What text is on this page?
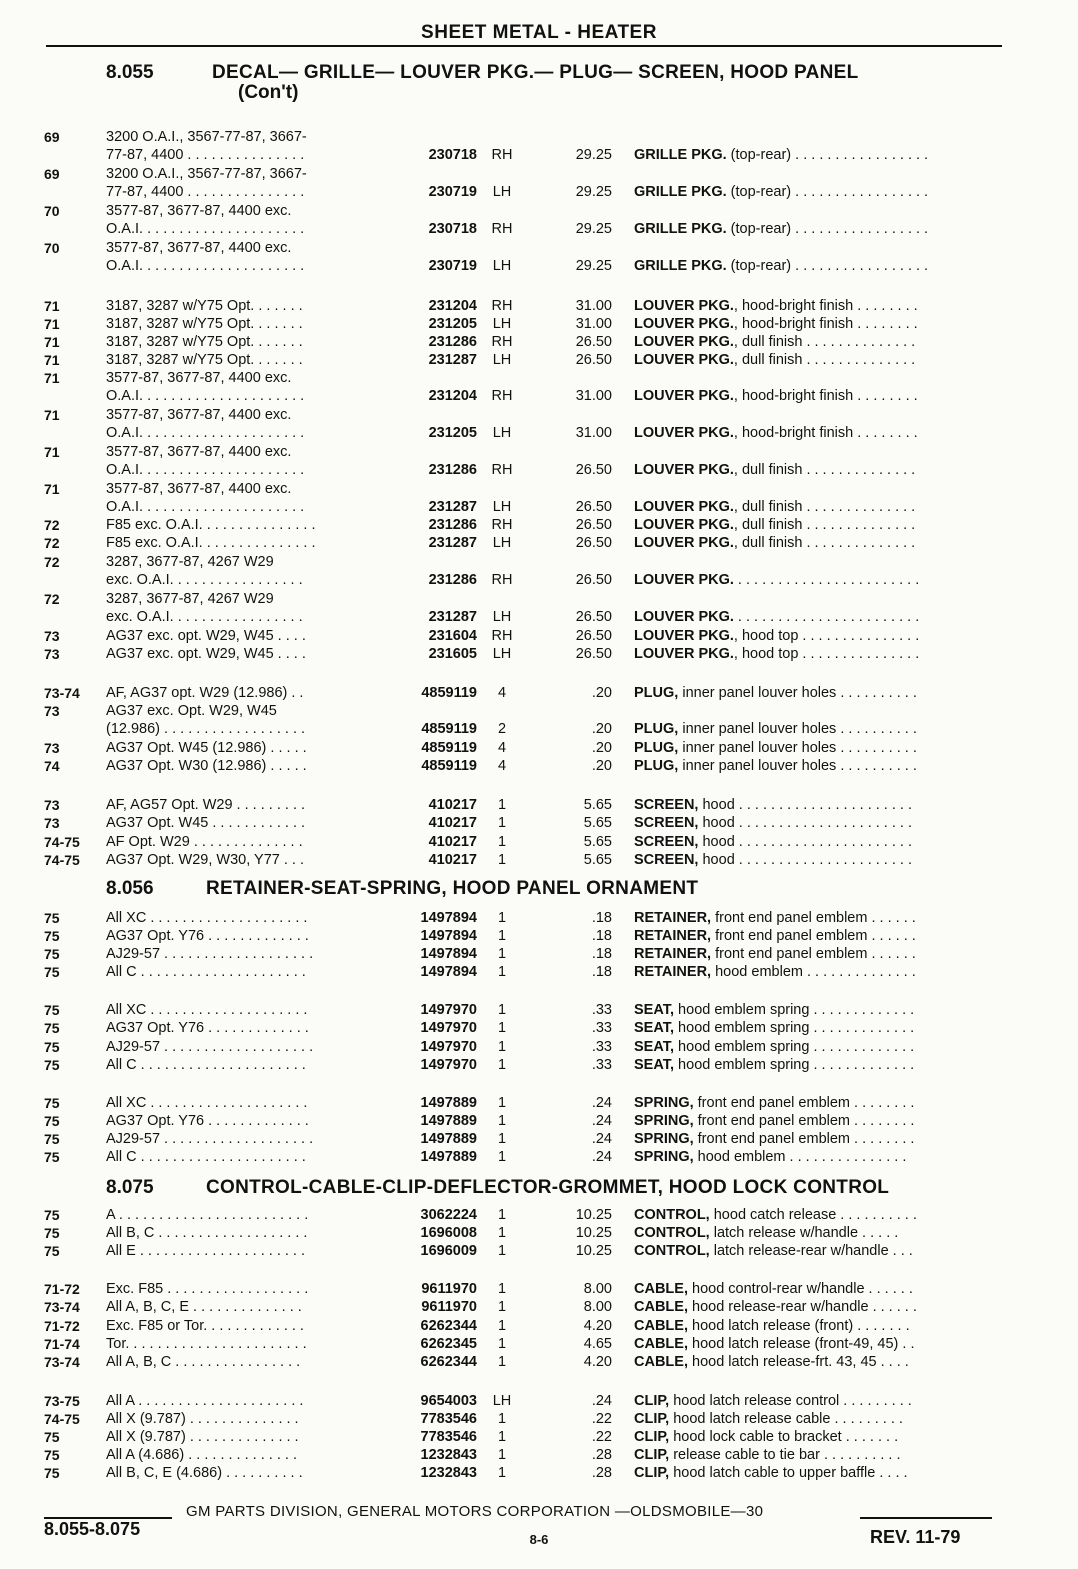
SHEET METAL - HEATER
8.055	DECAL— GRILLE— LOUVER PKG.— PLUG— SCREEN, HOOD PANEL
(Con't)
69	3200 O.A.I., 3567-77-87, 3667-
77-87, 4400 . . . . . . . . . . . . . . .	230718	RH	29.25 GRILLE PKG. (top-rear) . . . . . . . . . . . . . . . . .
69	3200 O.A.I., 3567-77-87, 3667-
77-87, 4400 . . . . . . . . . . . . . . .	230719	LH	29.25 GRILLE PKG. (top-rear) . . . . . . . . . . . . . . . . .
70	3577-87, 3677-87, 4400 exc.
O.A.I. . . . . . . . . . . . . . . . . . . . .	230718	RH	29.25 GRILLE PKG. (top-rear) . . . . . . . . . . . . . . . . .
70	3577-87, 3677-87, 4400 exc.
O.A.I. . . . . . . . . . . . . . . . . . . . .	230719	LH	29.25 GRILLE PKG. (top-rear) . . . . . . . . . . . . . . . . .
71	3187, 3287 w/Y75 Opt. . . . . . .	231204	RH	31.00 LOUVER PKG., hood-bright finish . . . . . . . .
71	3187, 3287 w/Y75 Opt. . . . . . .	231205	LH	31.00 LOUVER PKG., hood-bright finish . . . . . . . .
71	3187, 3287 w/Y75 Opt. . . . . . .	231286	RH	26.50 LOUVER PKG., dull finish . . . . . . . . . . . . . .
71	3187, 3287 w/Y75 Opt. . . . . . .	231287	LH	26.50 LOUVER PKG., dull finish . . . . . . . . . . . . . .
71	3577-87, 3677-87, 4400 exc.
O.A.I. . . . . . . . . . . . . . . . . . . . .	231204	RH	31.00 LOUVER PKG., hood-bright finish . . . . . . . .
71	3577-87, 3677-87, 4400 exc.
O.A.I. . . . . . . . . . . . . . . . . . . . .	231205	LH	31.00 LOUVER PKG., hood-bright finish . . . . . . . .
71	3577-87, 3677-87, 4400 exc.
O.A.I. . . . . . . . . . . . . . . . . . . . .	231286	RH	26.50 LOUVER PKG., dull finish . . . . . . . . . . . . . .
71	3577-87, 3677-87, 4400 exc.
O.A.I. . . . . . . . . . . . . . . . . . . . .	231287	LH	26.50 LOUVER PKG., dull finish . . . . . . . . . . . . . .
72	F85 exc. O.A.I. . . . . . . . . . . . . . .	231286	RH	26.50 LOUVER PKG., dull finish . . . . . . . . . . . . . .
72	F85 exc. O.A.I. . . . . . . . . . . . . . .	231287	LH	26.50 LOUVER PKG., dull finish . . . . . . . . . . . . . .
72	3287, 3677-87, 4267 W29
exc. O.A.I. . . . . . . . . . . . . . . . .	231286	RH	26.50 LOUVER PKG. . . . . . . . . . . . . . . . . . . . . . . .
72	3287, 3677-87, 4267 W29
exc. O.A.I. . . . . . . . . . . . . . . . .	231287	LH	26.50 LOUVER PKG. . . . . . . . . . . . . . . . . . . . . . . .
73	AG37 exc. opt. W29, W45 . . . .	231604	RH	26.50 LOUVER PKG., hood top . . . . . . . . . . . . . . .
73	AG37 exc. opt. W29, W45 . . . .	231605	LH	26.50 LOUVER PKG., hood top . . . . . . . . . . . . . . .
73-74	AF, AG37 opt. W29 (12.986) . .	4859119	4	.20 PLUG, inner panel louver holes . . . . . . . . . .
73	AG37 exc. Opt. W29, W45
(12.986) . . . . . . . . . . . . . . . . . .	4859119	2	.20 PLUG, inner panel louver holes . . . . . . . . . .
73	AG37 Opt. W45 (12.986) . . . . .	4859119	4	.20 PLUG, inner panel louver holes . . . . . . . . . .
74	AG37 Opt. W30 (12.986) . . . . .	4859119	4	.20 PLUG, inner panel louver holes . . . . . . . . . .
73	AF, AG57 Opt. W29 . . . . . . . . .	410217	1	5.65 SCREEN, hood . . . . . . . . . . . . . . . . . . . . . .
73	AG37 Opt. W45 . . . . . . . . . . . .	410217	1	5.65 SCREEN, hood . . . . . . . . . . . . . . . . . . . . . .
74-75	AF Opt. W29 . . . . . . . . . . . . . .	410217	1	5.65 SCREEN, hood . . . . . . . . . . . . . . . . . . . . . .
74-75	AG37 Opt. W29, W30, Y77 . . .	410217	1	5.65 SCREEN, hood . . . . . . . . . . . . . . . . . . . . . .
8.056	RETAINER-SEAT-SPRING, HOOD PANEL ORNAMENT
75	All XC . . . . . . . . . . . . . . . . . . . .	1497894	1	.18 RETAINER, front end panel emblem . . . . . .
75	AG37 Opt. Y76 . . . . . . . . . . . . .	1497894	1	.18 RETAINER, front end panel emblem . . . . . .
75	AJ29-57 . . . . . . . . . . . . . . . . . . .	1497894	1	.18 RETAINER, front end panel emblem . . . . . .
75	All C . . . . . . . . . . . . . . . . . . . . .	1497894	1	.18 RETAINER, hood emblem . . . . . . . . . . . . . .
75	All XC . . . . . . . . . . . . . . . . . . . .	1497970	1	.33 SEAT, hood emblem spring . . . . . . . . . . . . .
75	AG37 Opt. Y76 . . . . . . . . . . . . .	1497970	1	.33 SEAT, hood emblem spring . . . . . . . . . . . . .
75	AJ29-57 . . . . . . . . . . . . . . . . . . .	1497970	1	.33 SEAT, hood emblem spring . . . . . . . . . . . . .
75	All C . . . . . . . . . . . . . . . . . . . . .	1497970	1	.33 SEAT, hood emblem spring . . . . . . . . . . . . .
75	All XC . . . . . . . . . . . . . . . . . . . .	1497889	1	.24 SPRING, front end panel emblem . . . . . . . .
75	AG37 Opt. Y76 . . . . . . . . . . . . .	1497889	1	.24 SPRING, front end panel emblem . . . . . . . .
75	AJ29-57 . . . . . . . . . . . . . . . . . . .	1497889	1	.24 SPRING, front end panel emblem . . . . . . . .
75	All C . . . . . . . . . . . . . . . . . . . . .	1497889	1	.24 SPRING, hood emblem . . . . . . . . . . . . . . .
8.075	CONTROL-CABLE-CLIP-DEFLECTOR-GROMMET, HOOD LOCK CONTROL
75	A . . . . . . . . . . . . . . . . . . . . . . . .	3062224	1	10.25 CONTROL, hood catch release . . . . . . . . . .
75	All B, C . . . . . . . . . . . . . . . . . . .	1696008	1	10.25 CONTROL, latch release w/handle . . . . .
75	All E . . . . . . . . . . . . . . . . . . . . .	1696009	1	10.25 CONTROL, latch release-rear w/handle . . .
71-72	Exc. F85 . . . . . . . . . . . . . . . . . .	9611970	1	8.00 CABLE, hood control-rear w/handle . . . . . .
73-74	All A, B, C, E . . . . . . . . . . . . . .	9611970	1	8.00 CABLE, hood release-rear w/handle . . . . . .
71-72	Exc. F85 or Tor. . . . . . . . . . . . .	6262344	1	4.20 CABLE, hood latch release (front) . . . . . . .
71-74	Tor. . . . . . . . . . . . . . . . . . . . . . .	6262345	1	4.65 CABLE, hood latch release (front-49, 45) . .
73-74	All A, B, C . . . . . . . . . . . . . . . .	6262344	1	4.20 CABLE, hood latch release-frt. 43, 45 . . . .
73-75	All A . . . . . . . . . . . . . . . . . . . . .	9654003	LH	.24 CLIP, hood latch release control . . . . . . . . .
74-75	All X (9.787) . . . . . . . . . . . . . .	7783546	1	.22 CLIP, hood latch release cable . . . . . . . . .
75	All X (9.787) . . . . . . . . . . . . . .	7783546	1	.22 CLIP, hood lock cable to bracket . . . . . . .
75	All A (4.686) . . . . . . . . . . . . . .	1232843	1	.28 CLIP, release cable to tie bar . . . . . . . . . .
75	All B, C, E (4.686) . . . . . . . . . .	1232843	1	.28 CLIP, hood latch cable to upper baffle . . . .
8.055-8.075
GM PARTS DIVISION, GENERAL MOTORS CORPORATION —OLDSMOBILE—30
8-6	REV. 11-79
